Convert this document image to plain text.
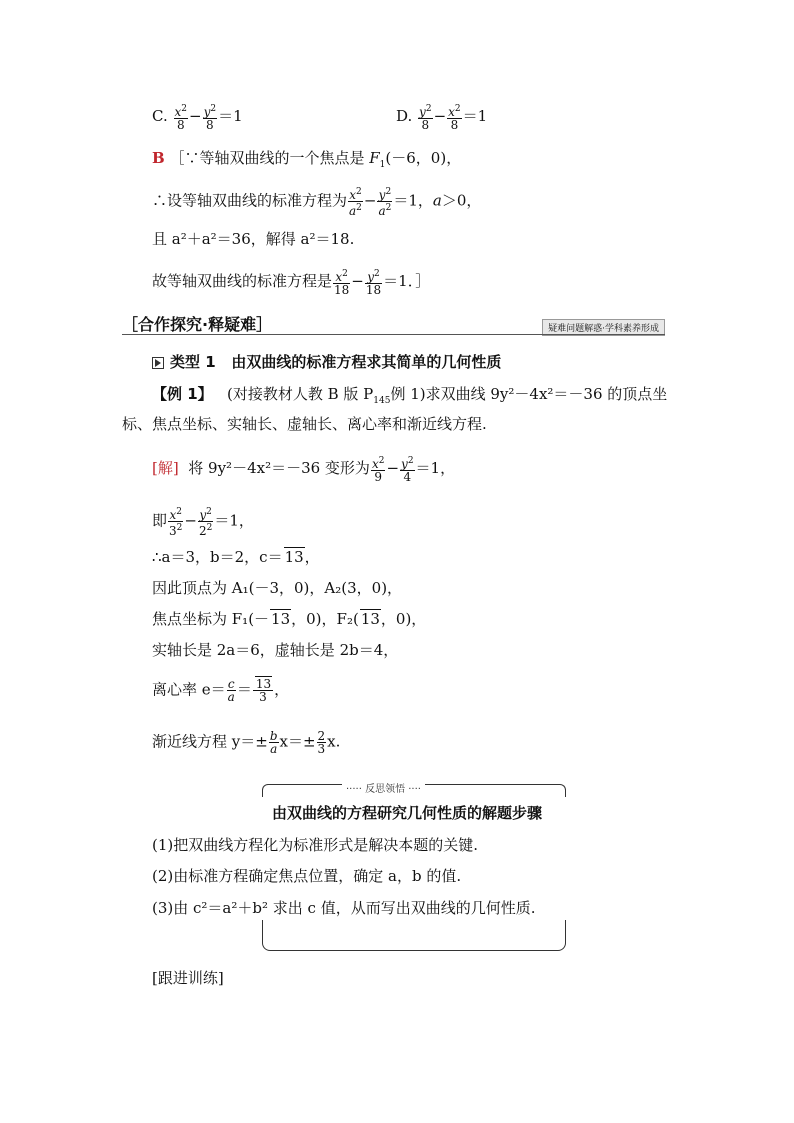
C. $\frac{x^2}{8} - \frac{y^2}{8} =1$	D. $\frac{y^2}{8} - \frac{x^2}{8} =1$
B ［∵等轴双曲线的一个焦点是 $F_1(-6$，0)，
∴设等轴双曲线的标准方程为 $\frac{x^2}{a^2} - \frac{y^2}{a^2} =1$，a＞0，
且 a²＋a²＝36，解得 a²＝18.
故等轴双曲线的标准方程是 $\frac{x^2}{18} - \frac{y^2}{18} =1$．］
［合作探究·释疑难］	疑难问题解惑·学科素养形成
类型 1 由双曲线的标准方程求其简单的几何性质
【例 1】 (对接教材人教 B 版 $P_{145}$例 1)求双曲线 9y²－4x²＝－36 的顶点坐
标、焦点坐标、实轴长、虚轴长、离心率和渐近线方程.
[解] 将 9y²－4x²＝－36 变形为 $\frac{x^2}{9} - \frac{y^2}{4} =1$，
即 $\frac{x^2}{3^2} - \frac{y^2}{2^2} =1$，
∴a＝3，b＝2，c＝ 13，
因此顶点为 A₁(－3，0)，A₂(3，0)，
焦点坐标为 F₁(－ 13，0)，F₂( 13，0)，
实轴长是 2a＝6，虚轴长是 2b＝4，
离心率 $e= \frac{c}{a} = \frac{13}{3}$ ，
渐近线方程 $y=\pm \frac{b}{a} x=\pm \frac{2}{3} x$.
····· 反思领悟 ····
由双曲线的方程研究几何性质的解题步骤
(1)把双曲线方程化为标准形式是解决本题的关键.
(2)由标准方程确定焦点位置，确定 a，b 的值.
(3)由 c²＝a²＋b² 求出 c 值，从而写出双曲线的几何性质.
[跟进训练]
